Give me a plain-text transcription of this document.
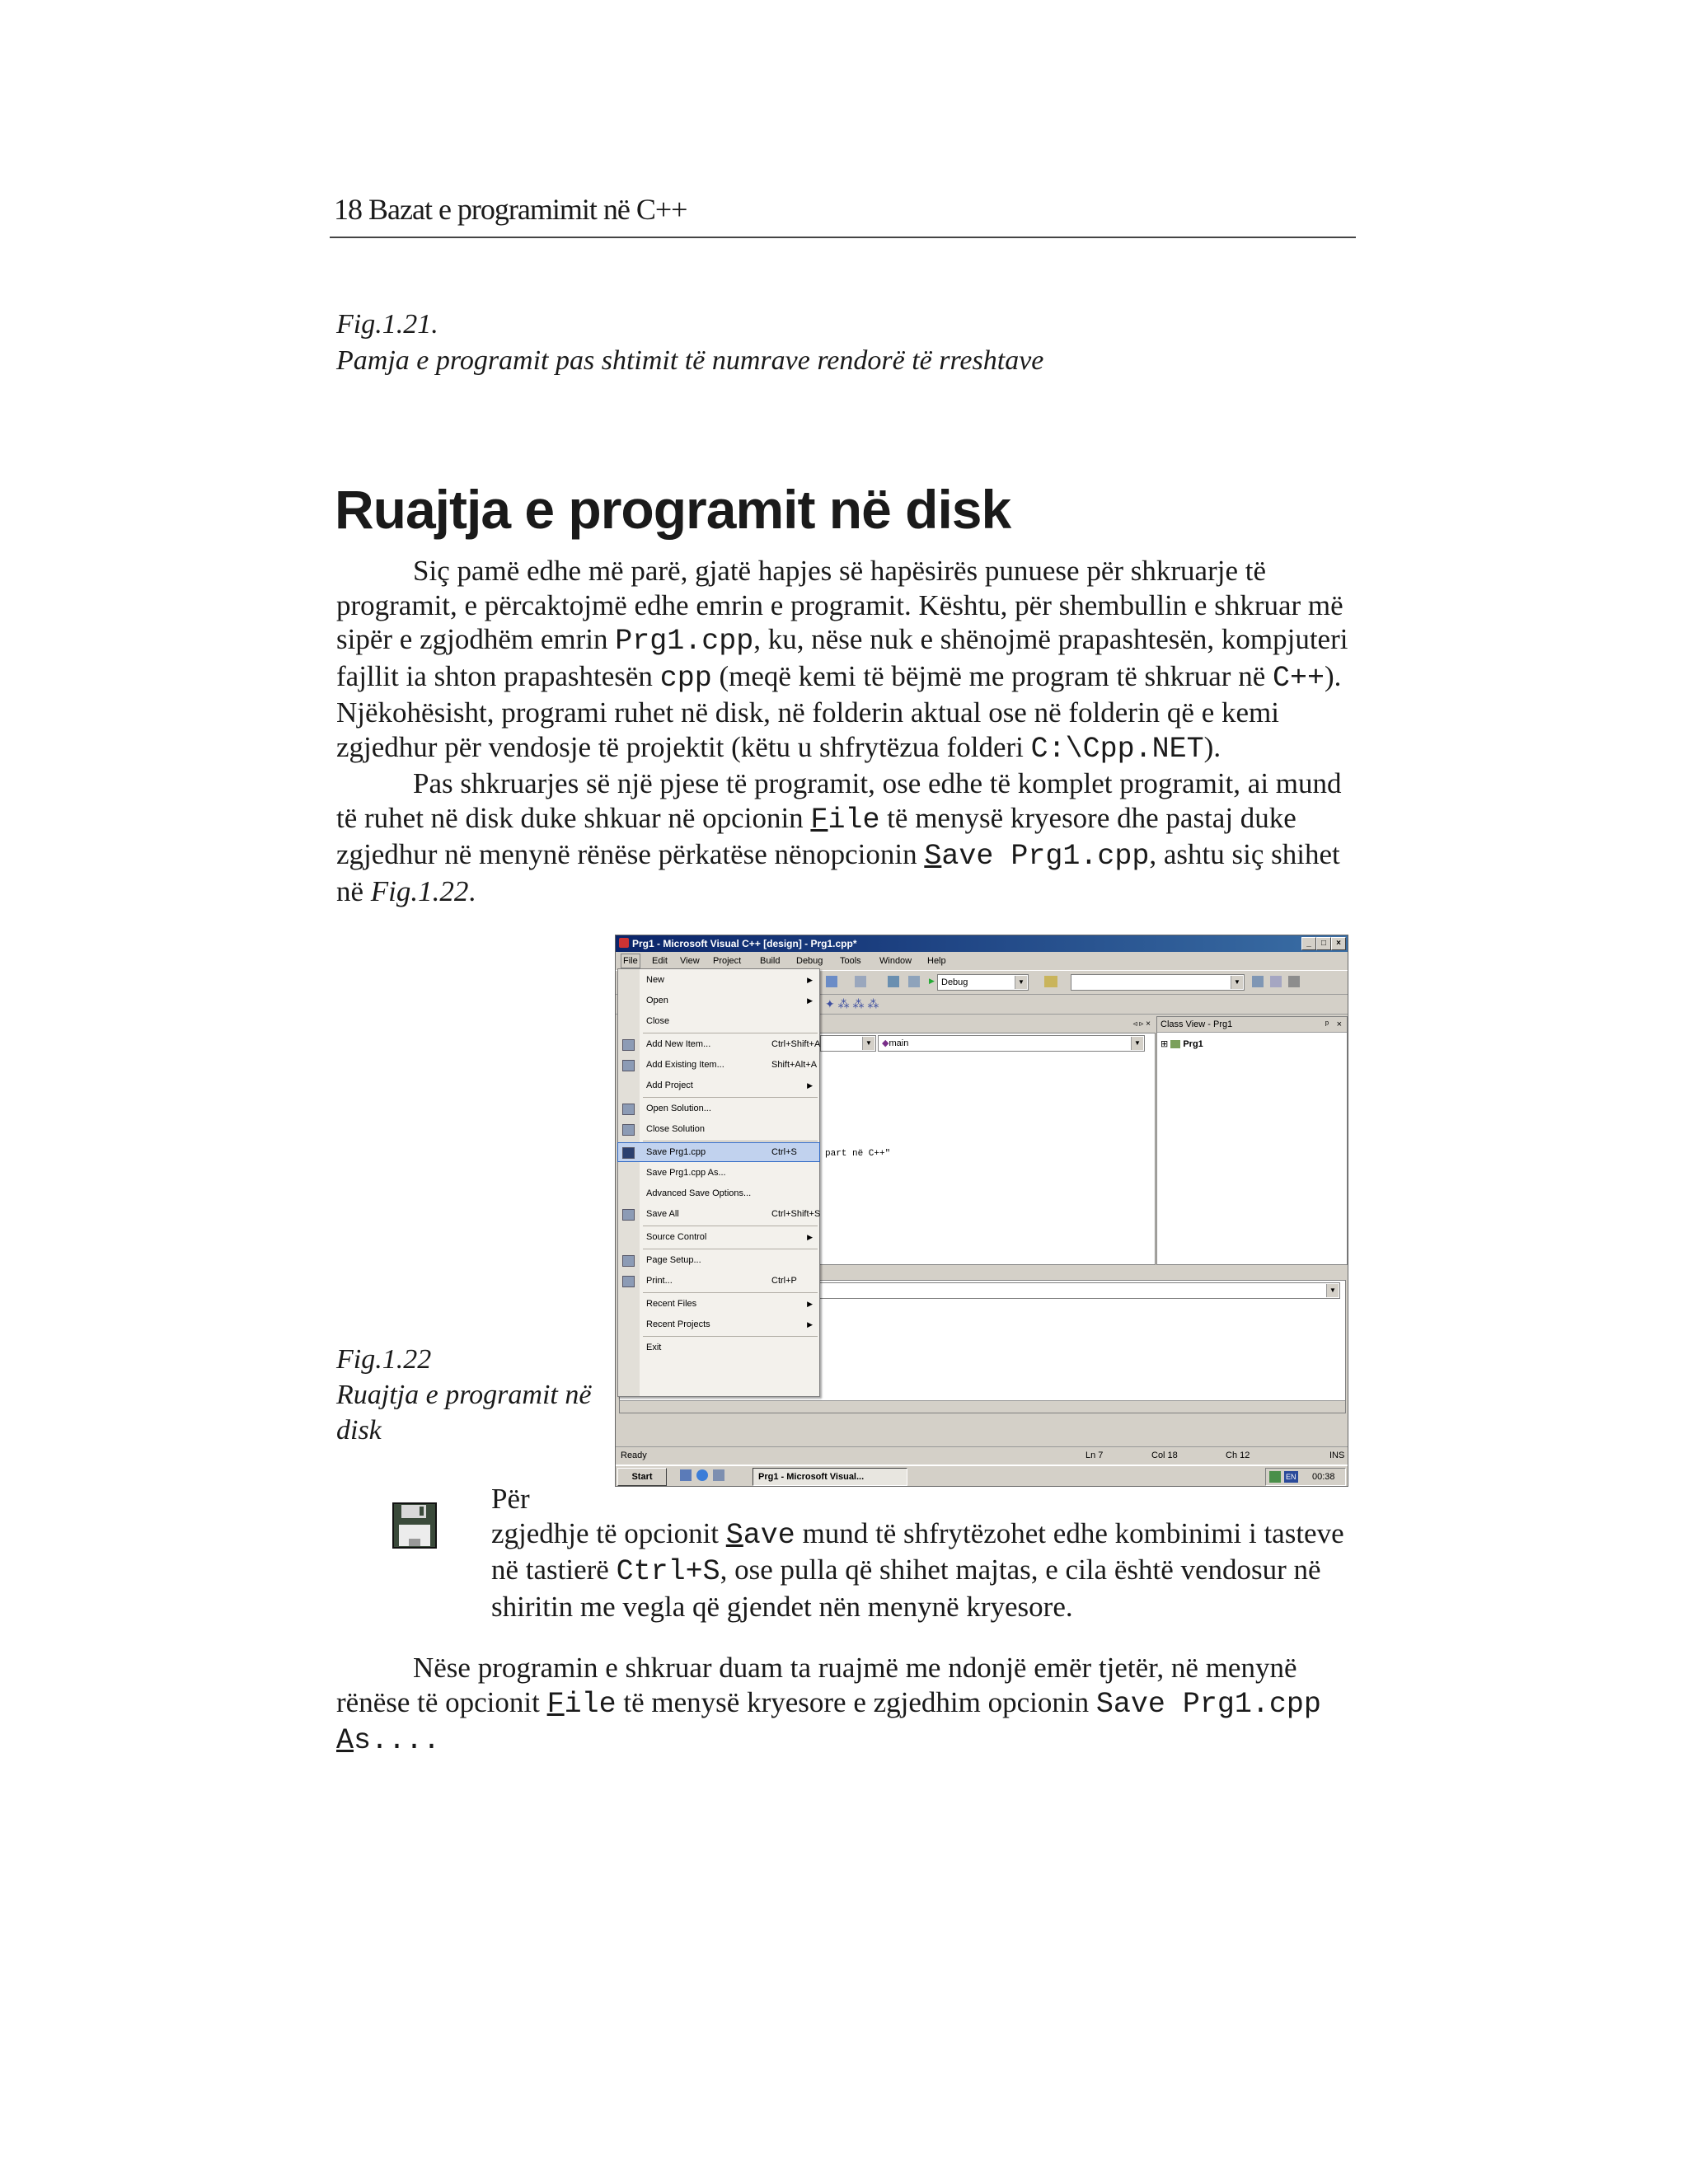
18 Bazat e programimit në C++
Fig.1.21.
Pamja e programit pas shtimit të numrave rendorë të rreshtave
Ruajtja e programit në disk

Siç pamë edhe më parë, gjatë hapjes së hapësirës punuese për shkruarje të programit, e përcaktojmë edhe emrin e programit. Kështu, për shembullin e shkruar më sipër e zgjodhëm emrin Prg1.cpp, ku, nëse nuk e shënojmë prapashtesën, kompjuteri fajllit ia shton prapashtesën cpp (meqë kemi të bëjmë me program të shkruar në C++). Njëkohësisht, programi ruhet në disk, në folderin aktual ose në folderin që e kemi zgjedhur për vendosje të projektit (këtu u shfrytëzua folderi C:\Cpp.NET).

Pas shkruarjes së një pjese të programit, ose edhe të komplet programit, ai mund të ruhet në disk duke shkuar në opcionin File të menysë kryesore dhe pastaj duke zgjedhur në menynë rënëse përkatëse nënopcionin Save Prg1.cpp, ashtu siç shihet në Fig.1.22.

Prg1 - Microsoft Visual C++ [design] - Prg1.cpp*	_	□	×
File Edit View Project Build Debug Tools Window Help
▶ Debug	▼	▼
✦ ⁂ ⁂ ⁂
◃ ▹ ×
▼	◆main	▼
part në C++"
Class View - Prg1	ᵖ ×
⊞ Prg1
▼
Ready	Ln 7	Col 18	Ch 12	INS
Start	Prg1 - Microsoft Visual...	EN 00:38
New	▶
Open	▶
Close
Add New Item...	Ctrl+Shift+A
Add Existing Item...	Shift+Alt+A
Add Project	▶
Open Solution...
Close Solution
Save Prg1.cpp	Ctrl+S
Save Prg1.cpp As...
Advanced Save Options...
Save All	Ctrl+Shift+S
Source Control	▶
Page Setup...
Print...	Ctrl+P
Recent Files	▶
Recent Projects	▶
Exit
Fig.1.22
Ruajtja e programit në disk

Për

zgjedhje të opcionit Save mund të shfrytëzohet edhe kombinimi i tasteve në tastierë Ctrl+S, ose pulla që shihet majtas, e cila është vendosur në shiritin me vegla që gjendet nën menynë kryesore.

Nëse programin e shkruar duam ta ruajmë me ndonjë emër tjetër, në menynë rënëse të opcionit File të menysë kryesore e zgjedhim opcionin Save Prg1.cpp As....
